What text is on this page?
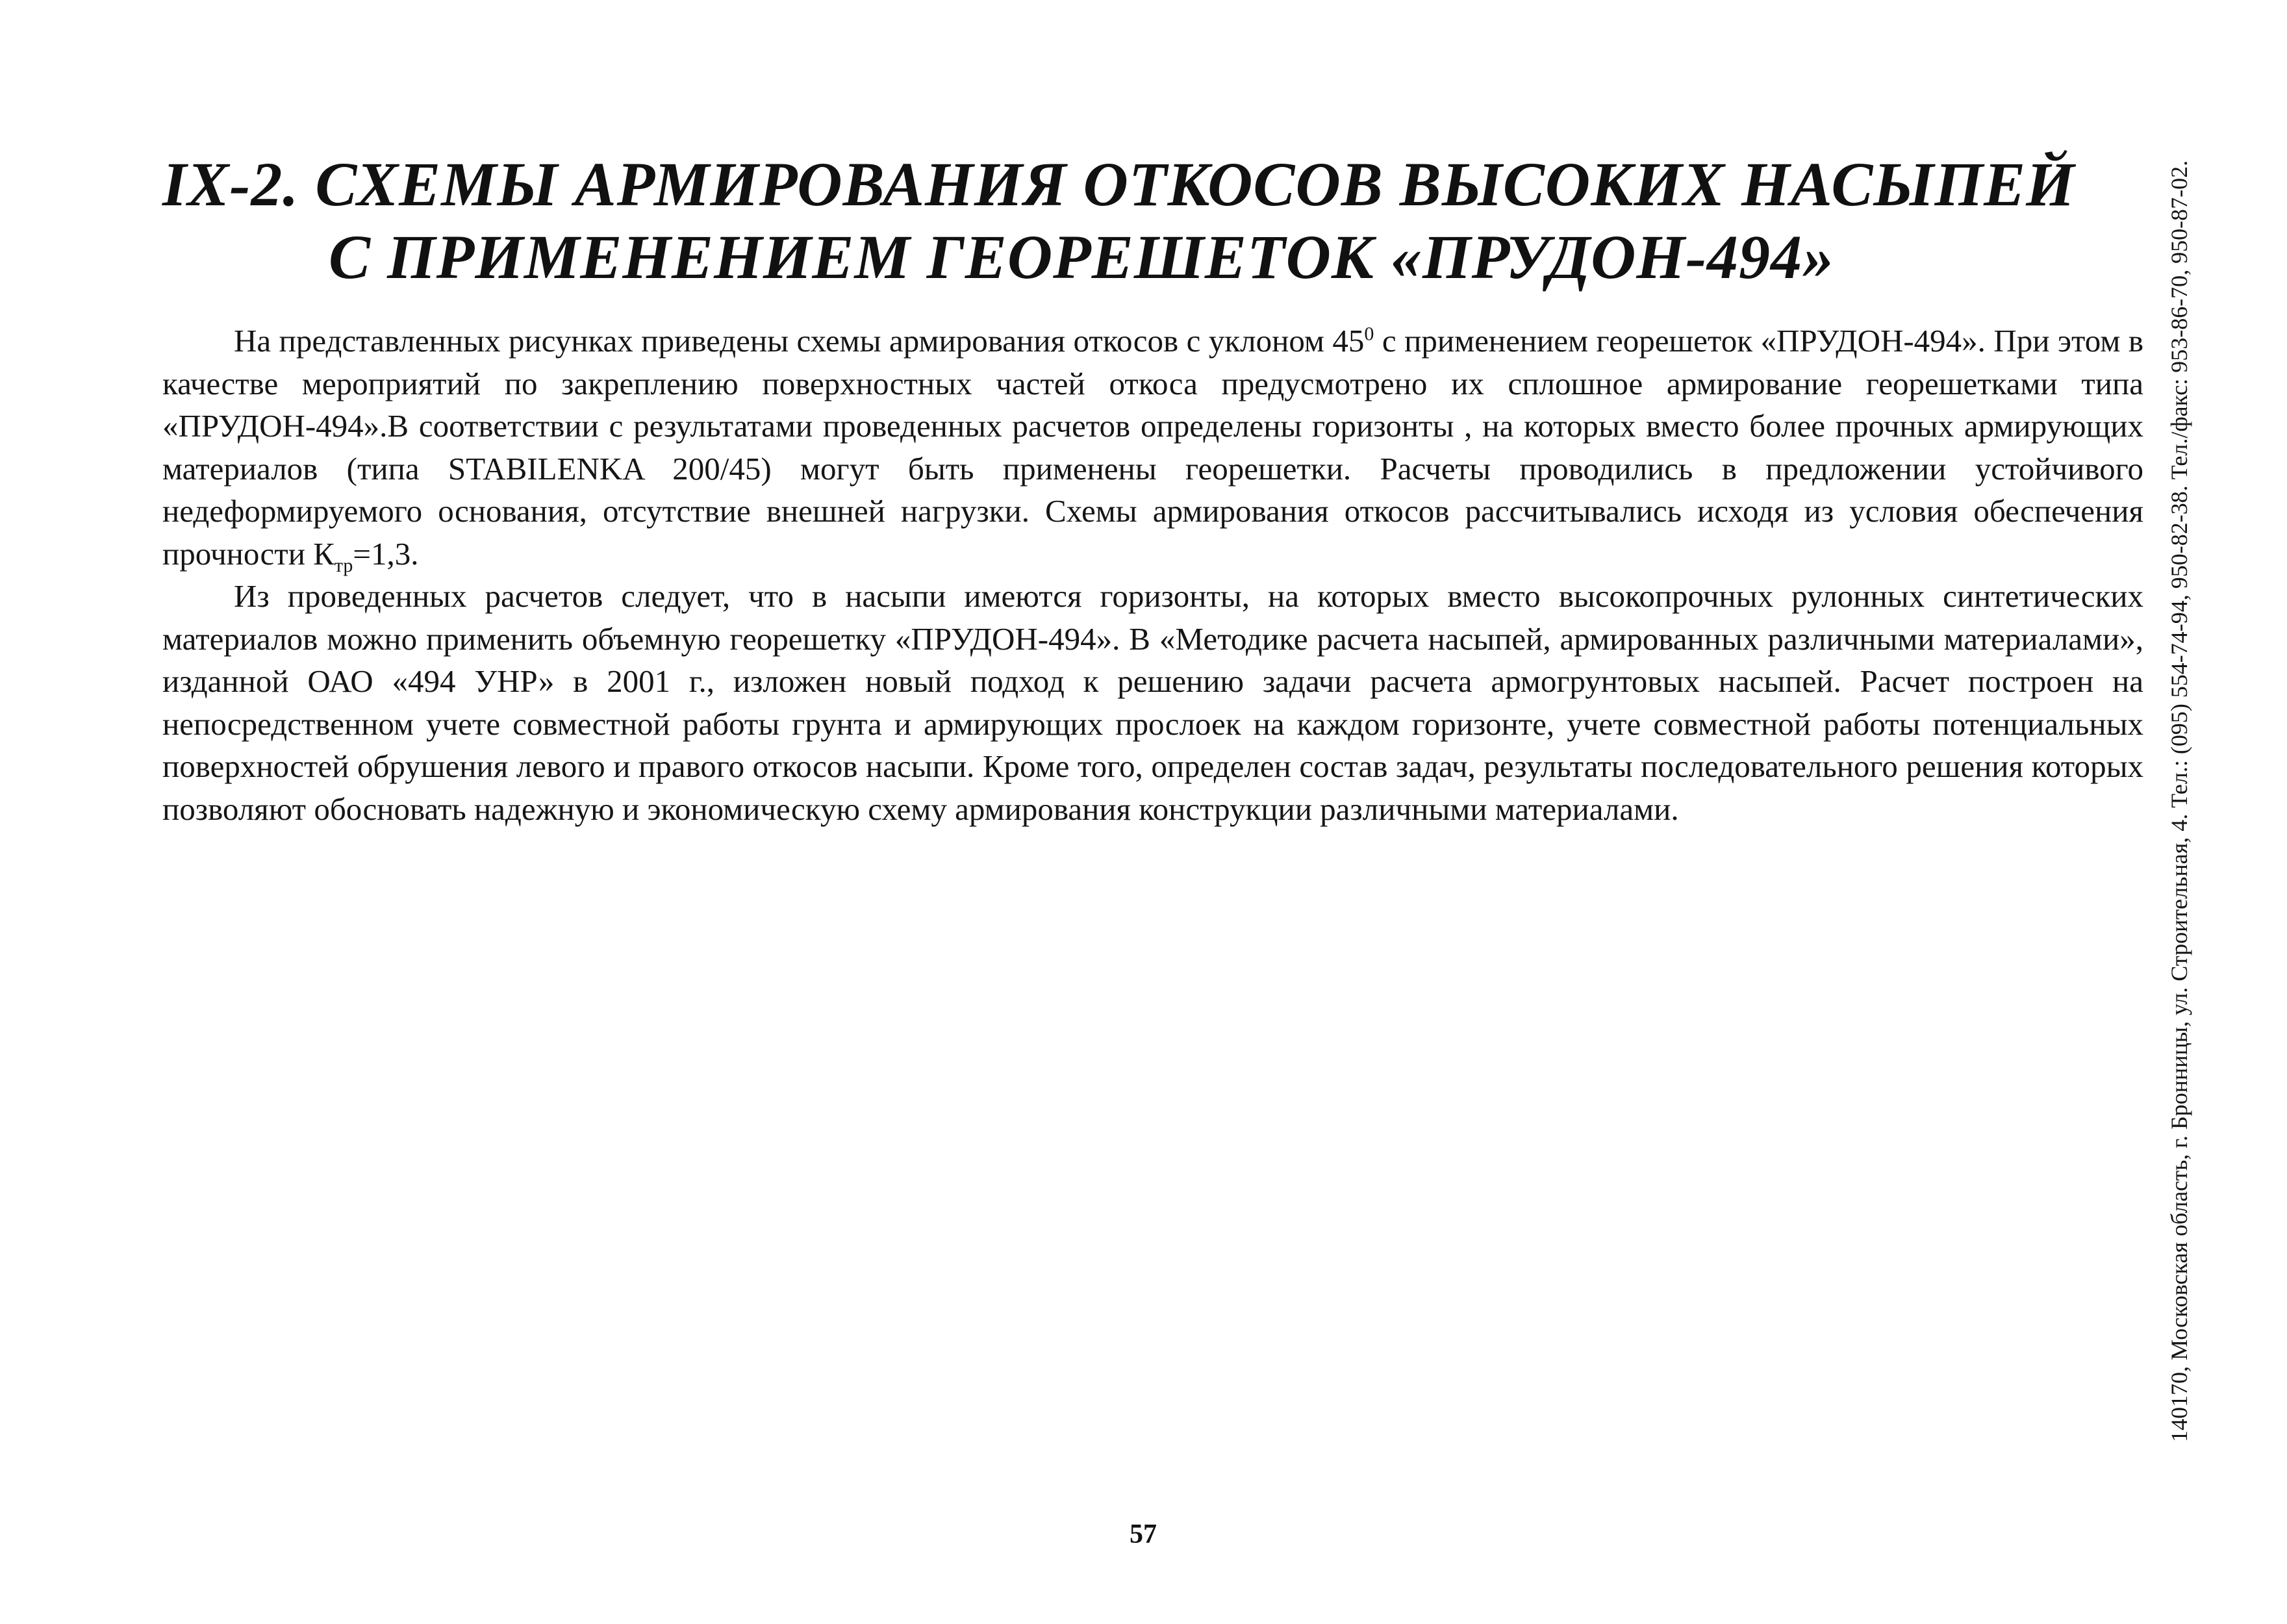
IX-2. СХЕМЫ АРМИРОВАНИЯ ОТКОСОВ ВЫСОКИХ НАСЫПЕЙ
С ПРИМЕНЕНИЕМ ГЕОРЕШЕТОК «ПРУДОН-494»

На представленных рисунках приведены схемы армирования откосов с уклоном $45^0$ с применением георешеток «ПРУДОН-494». При этом в качестве мероприятий по закреплению поверхностных частей откоса предусмотрено их сплошное армирование георешетками типа «ПРУДОН-494».В соответствии с результатами проведенных расчетов определены горизонты , на которых вместо более прочных армирующих материалов (типа STABILENKA 200/45) могут быть применены георешетки. Расчеты проводились в предложении устойчивого недеформируемого основания, отсутствие внешней нагрузки. Схемы армирования откосов рассчитывались исходя из условия обеспечения прочности $К_{тр}=1,3$.

Из проведенных расчетов следует, что в насыпи имеются горизонты, на которых вместо высокопрочных рулонных синтетических материалов можно применить объемную георешетку «ПРУДОН-494». В «Методике расчета насыпей, армированных различными материалами», изданной ОАО «494 УНР» в 2001 г., изложен новый подход к решению задачи расчета армогрунтовых насыпей. Расчет построен на непосредственном учете совместной работы грунта и армирующих прослоек на каждом горизонте, учете совместной работы потенциальных поверхностей обрушения левого и правого откосов насыпи. Кроме того, определен состав задач, результаты последовательного решения которых позволяют обосновать надежную и экономическую схему армирования конструкции различными материалами.	140170, Московская область, г. Бронницы, ул. Строительная, 4. Тел.: (095) 554-74-94, 950-82-38. Тел./факс: 953-86-70, 950-87-02.
57
